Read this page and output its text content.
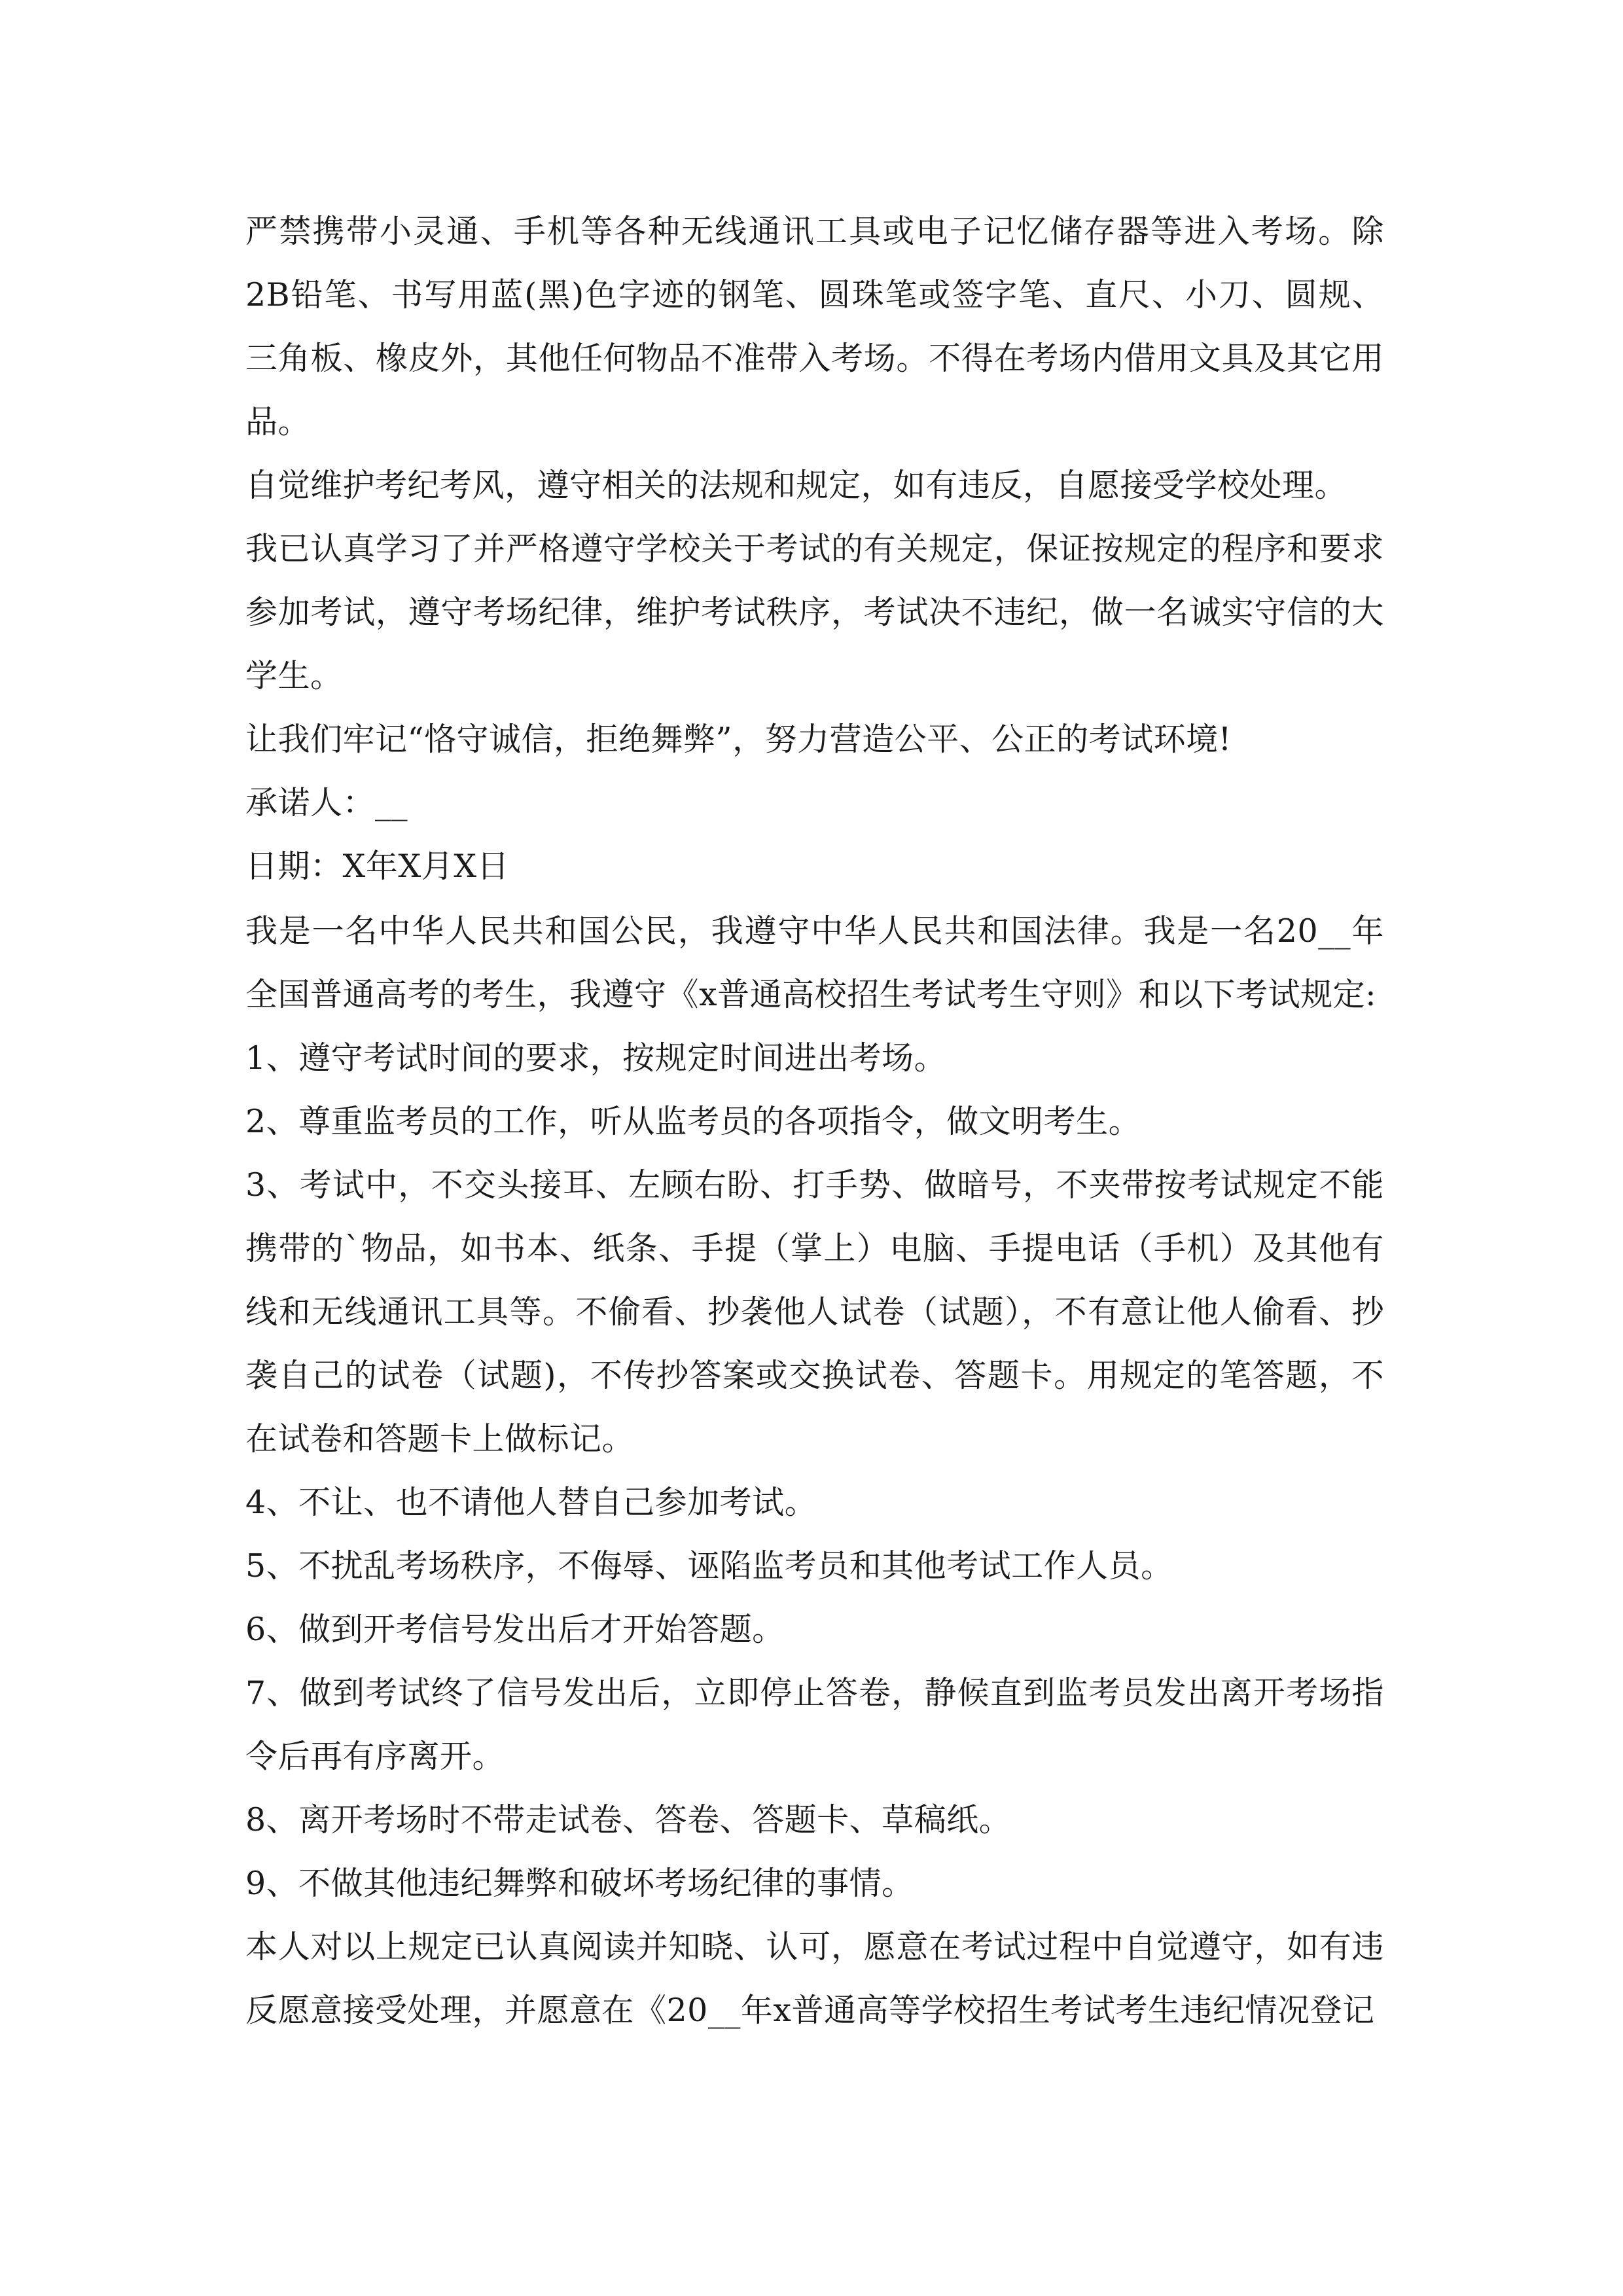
严禁携带小灵通、手机等各种无线通讯工具或电子记忆储存器等进入考场。除2B铅笔、书写用蓝(黑)色字迹的钢笔、圆珠笔或签字笔、直尺、小刀、圆规、三角板、橡皮外，其他任何物品不准带入考场。不得在考场内借用文具及其它用品。

自觉维护考纪考风，遵守相关的法规和规定，如有违反，自愿接受学校处理。

我已认真学习了并严格遵守学校关于考试的有关规定，保证按规定的程序和要求参加考试，遵守考场纪律，维护考试秩序，考试决不违纪，做一名诚实守信的大学生。

让我们牢记“恪守诚信，拒绝舞弊”，努力营造公平、公正的考试环境!

承诺人：__

日期：X年X月X日

我是一名中华人民共和国公民，我遵守中华人民共和国法律。我是一名20__年全国普通高考的考生，我遵守《x普通高校招生考试考生守则》和以下考试规定:

1、遵守考试时间的要求，按规定时间进出考场。

2、尊重监考员的工作，听从监考员的各项指令，做文明考生。

3、考试中，不交头接耳、左顾右盼、打手势、做暗号，不夹带按考试规定不能携带的`物品，如书本、纸条、手提（掌上）电脑、手提电话（手机）及其他有线和无线通讯工具等。不偷看、抄袭他人试卷（试题），不有意让他人偷看、抄袭自己的试卷（试题)，不传抄答案或交换试卷、答题卡。用规定的笔答题，不在试卷和答题卡上做标记。

4、不让、也不请他人替自己参加考试。

5、不扰乱考场秩序，不侮辱、诬陷监考员和其他考试工作人员。

6、做到开考信号发出后才开始答题。

7、做到考试终了信号发出后，立即停止答卷，静候直到监考员发出离开考场指令后再有序离开。

8、离开考场时不带走试卷、答卷、答题卡、草稿纸。

9、不做其他违纪舞弊和破坏考场纪律的事情。

本人对以上规定已认真阅读并知晓、认可，愿意在考试过程中自觉遵守，如有违反愿意接受处理，并愿意在《20__年x普通高等学校招生考试考生违纪情况登记
